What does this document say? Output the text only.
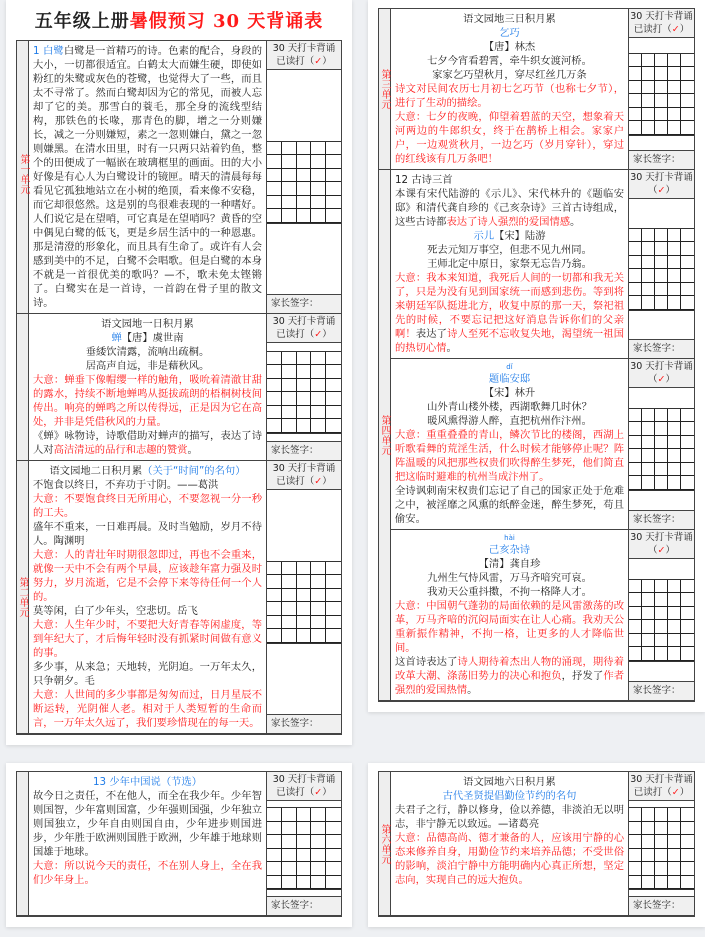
五年级上册暑假预习 30 天背诵表
第一单元
第二单元

1 白鹭白鹭是一首精巧的诗。色素的配合，身段的大小，一切都很适宜。白鹤太大而嫌生硬，即使如粉红的朱鹭或灰色的苍鹭，也觉得大了一些，而且太不寻常了。然而白鹭却因为它的常见，而被人忘却了它的美。那雪白的蓑毛，那全身的流线型结构，那铁色的长喙，那青色的脚，增之一分则嫌长，减之一分则嫌短，素之一忽则嫌白，黛之一忽则嫌黑。在清水田里，时有一只两只站着钓鱼，整个的田便成了一幅嵌在玻璃框里的画面。田的大小好像是有心人为白鹭设计的镜匣。晴天的清晨每每看见它孤独地站立在小树的绝顶，看来像不安稳，而它却很悠然。这是别的鸟很难表现的一种嗜好。人们说它是在望哨，可它真是在望哨吗？黄昏的空中偶见白鹭的低飞，更是乡居生活中的一种恩惠。那是清澄的形象化，而且具有生命了。或许有人会感到美中的不足，白鹭不会唱歌。但是白鹭的本身不就是一首很优美的歌吗？—不，歌未免太铿锵了。白鹭实在是一首诗，一首韵在骨子里的散文诗。

30 天打卡背诵
已读打（✓）
家长签字：

语文园地一日积月累

蝉【唐】虞世南

垂緌饮清露，流响出疏桐。

居高声自远，非是藉秋风。

大意：蝉垂下像帽缨一样的触角，吸吮着清澈甘甜的露水，持续不断地蝉鸣从挺拔疏朗的梧桐树枝间传出。响亮的蝉鸣之所以传得远，正是因为它在高处，并非是凭借秋风的力量。

《蝉》咏物诗，诗歌借助对蝉声的描写，表达了诗人对高洁清远的品行和志趣的赞赏。

30 天打卡背诵
已读打（✓）
家长签字：

语文园地二日积月累（关于“时间”的名句）

不饱食以终日，不弃功于寸阴。——葛洪

大意：不要饱食终日无所用心，不要忽视一分一秒的工夫。

盛年不重来，一日难再晨。及时当勉励，岁月不待人。陶渊明

大意：人的青壮年时期很忽即过，再也不会重来，就像一天中不会有两个早晨，应该趁年富力强及时努力，岁月流逝，它是不会停下来等待任何一个人的。

莫等闲，白了少年头，空悲切。岳飞

大意：人生年少时，不要把大好青春等闲虚度，等到年纪大了，才后悔年轻时没有抓紧时间做有意义的事。

多少事，从来急；天地转，光阴迫。一万年太久，只争朝夕。毛

大意：人世间的多少事都是匆匆而过，日月星辰不断运转，光阴催人老。相对于人类短暂的生命而言，一万年太久远了，我们要珍惜现在的每一天。

30 天打卡背诵
已读打（✓）
家长签字：
第三单元
第四单元

语文园地三日积月累

乞巧

【唐】林杰

七夕今宵看碧霄，牵牛织女渡河桥。

家家乞巧望秋月，穿尽红丝几万条

诗文对民间农历七月初七乞巧节（也称七夕节），进行了生动的描绘。

大意：七夕的夜晚，仰望着碧蓝的天空，想象着天河两边的牛郎织女，终于在鹊桥上相会。家家户户，一边观赏秋月，一边乞巧（岁月穿针），穿过的红线该有几万条吧！

30 天打卡背诵
已读打（✓）
家长签字：

12 古诗三首

本课有宋代陆游的《示儿》、宋代林升的《题临安邸》和清代龚自珍的《己亥杂诗》三首古诗组成，这些古诗都表达了诗人强烈的爱国情感。

示儿【宋】陆游

死去元知万事空，但悲不见九州同。

王师北定中原日，家祭无忘告乃翁。

大意：我本来知道，我死后人间的一切都和我无关了，只是为没有见到国家统一而感到悲伤。等到将来朝廷军队挺进北方，收复中原的那一天，祭祀祖先的时候，不要忘记把这好消息告诉你们的父亲啊！表达了诗人至死不忘收复失地，渴望统一祖国的热切心情。

30 天打卡背诵（✓）
家长签字：

dǐ

题临安邸

【宋】林升

山外青山楼外楼，西湖歌舞几时休？

暖风熏得游人醉，直把杭州作汴州。

大意：重重叠叠的青山，鳞次节比的楼阁，西湖上听歌看舞的荒淫生活，什么时候才能够停止呢？阵阵温暖的风把那些权贵们吹得醉生梦死，他们简直把这临时避难的杭州当成汴州了。

全诗讽刺南宋权贵们忘记了自己的国家正处于危难之中，被淫靡之风熏的纸醉金迷，醉生梦死，苟且偷安。

30 天打卡背诵（✓）
家长签字：

hài

己亥杂诗

【清】龚自珍

九州生气恃风雷，万马齐喑究可哀。

我劝天公重抖擞，不拘一格降人才。

大意：中国朝气蓬勃的局面依赖的是风雷激荡的改革，万马齐喑的沉闷局面实在让人心痛。我劝天公重新振作精神，不拘一格，让更多的人才降临世间。

这首诗表达了诗人期待着杰出人物的涌现，期待着改革大潮、涤荡旧势力的决心和抱负，抒发了作者强烈的爱国热情。

30 天打卡背诵（✓）
家长签字：

13 少年中国说（节选）

故今日之责任，不在他人，而全在我少年。少年智则国智，少年富则国富，少年强则国强，少年独立则国独立，少年自由则国自由，少年进步则国进步，少年胜于欧洲则国胜于欧洲，少年雄于地球则国雄于地球。

大意：所以说今天的责任，不在别人身上，全在我们少年身上。

30 天打卡背诵
已读打（✓）
家长签字：
第六单元

语文园地六日积月累

古代圣贤提倡勤俭节约的名句

夫君子之行，静以修身，俭以养德，非淡泊无以明志，非宁静无以致远。—诸葛亮

大意：品德高尚、德才兼备的人，应该用宁静的心态来修养自身，用勤俭节约来培养品德；不受世俗的影响，淡泊宁静中方能明确内心真正所想，坚定志向，实现自己的远大抱负。

30 天打卡背诵
已读打（✓）
家长签字：
